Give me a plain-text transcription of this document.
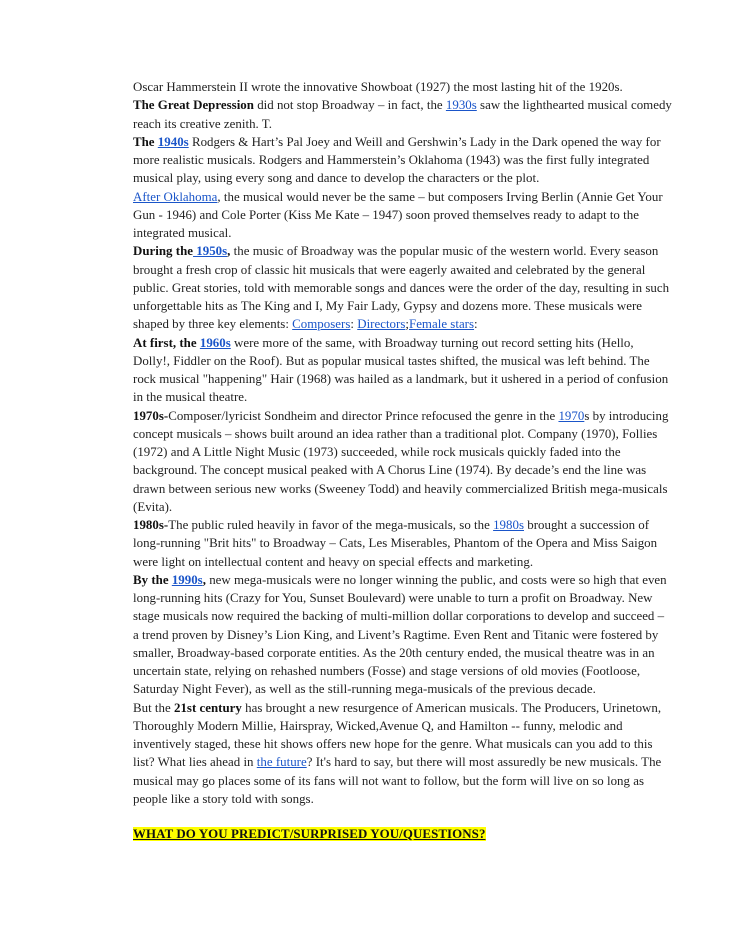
Oscar Hammerstein II wrote the innovative Showboat (1927) the most lasting hit of the 1920s.

The Great Depression did not stop Broadway – in fact, the 1930s saw the lighthearted musical comedy reach its creative zenith. T.

The 1940s Rodgers & Hart’s Pal Joey and Weill and Gershwin’s Lady in the Dark opened the way for more realistic musicals. Rodgers and Hammerstein’s Oklahoma (1943) was the first fully integrated musical play, using every song and dance to develop the characters or the plot.

After Oklahoma, the musical would never be the same – but composers Irving Berlin (Annie Get Your Gun - 1946) and Cole Porter (Kiss Me Kate – 1947) soon proved themselves ready to adapt to the integrated musical.

During the 1950s, the music of Broadway was the popular music of the western world. Every season brought a fresh crop of classic hit musicals that were eagerly awaited and celebrated by the general public. Great stories, told with memorable songs and dances were the order of the day, resulting in such unforgettable hits as The King and I, My Fair Lady, Gypsy and dozens more. These musicals were shaped by three key elements: Composers: Directors;Female stars:

At first, the 1960s were more of the same, with Broadway turning out record setting hits (Hello, Dolly!, Fiddler on the Roof). But as popular musical tastes shifted, the musical was left behind. The rock musical "happening" Hair (1968) was hailed as a landmark, but it ushered in a period of confusion in the musical theatre.

1970s-Composer/lyricist Sondheim and director Prince refocused the genre in the 1970s by introducing concept musicals – shows built around an idea rather than a traditional plot. Company (1970), Follies (1972) and A Little Night Music (1973) succeeded, while rock musicals quickly faded into the background. The concept musical peaked with A Chorus Line (1974). By decade’s end the line was drawn between serious new works (Sweeney Todd) and heavily commercialized British mega-musicals (Evita).

1980s-The public ruled heavily in favor of the mega-musicals, so the 1980s brought a succession of long-running "Brit hits" to Broadway – Cats, Les Miserables, Phantom of the Opera and Miss Saigon were light on intellectual content and heavy on special effects and marketing.

By the 1990s, new mega-musicals were no longer winning the public, and costs were so high that even long-running hits (Crazy for You, Sunset Boulevard) were unable to turn a profit on Broadway. New stage musicals now required the backing of multi-million dollar corporations to develop and succeed – a trend proven by Disney’s Lion King, and Livent’s Ragtime. Even Rent and Titanic were fostered by smaller, Broadway-based corporate entities. As the 20th century ended, the musical theatre was in an uncertain state, relying on rehashed numbers (Fosse) and stage versions of old movies (Footloose, Saturday Night Fever), as well as the still-running mega-musicals of the previous decade.

But the 21st century has brought a new resurgence of American musicals. The Producers, Urinetown, Thoroughly Modern Millie, Hairspray, Wicked,Avenue Q, and Hamilton -- funny, melodic and inventively staged, these hit shows offers new hope for the genre. What musicals can you add to this list? What lies ahead in the future? It's hard to say, but there will most assuredly be new musicals. The musical may go places some of its fans will not want to follow, but the form will live on so long as people like a story told with songs.

WHAT DO YOU PREDICT/SURPRISED YOU/QUESTIONS?
